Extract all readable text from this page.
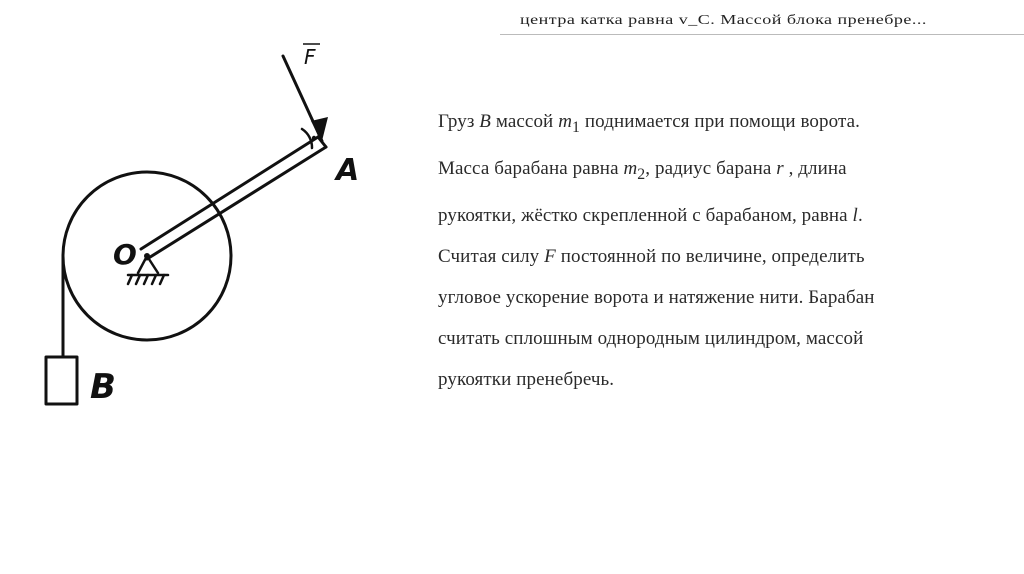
центра катка равна v_C. Массой блока пренебре...
F
A
O
B

Груз B массой $m_1$ поднимается при помощи ворота.

Масса барабана равна $m_2$, радиус барана r , длина

рукоятки, жёстко скрепленной с барабаном, равна l.

Считая силу F постоянной по величине, определить

угловое ускорение ворота и натяжение нити. Барабан

считать сплошным однородным цилиндром, массой

рукоятки пренебречь.
